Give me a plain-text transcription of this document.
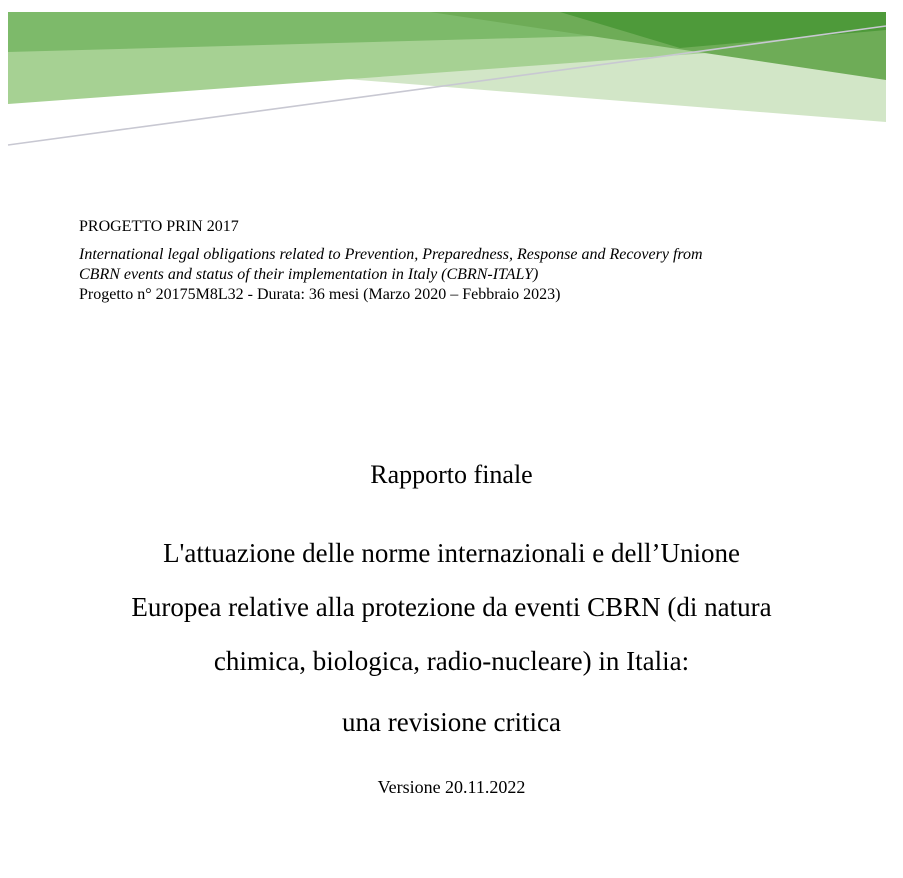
PROGETTO PRIN 2017

International legal obligations related to Prevention, Preparedness, Response and Recovery from
CBRN events and status of their implementation in Italy (CBRN-ITALY)

Progetto n° 20175M8L32 - Durata: 36 mesi (Marzo 2020 – Febbraio 2023)

Rapporto finale
L'attuazione delle norme internazionali e dell’Unione
Europea relative alla protezione da eventi CBRN (di natura
chimica, biologica, radio-nucleare) in Italia:
una revisione critica
Versione 20.11.2022
